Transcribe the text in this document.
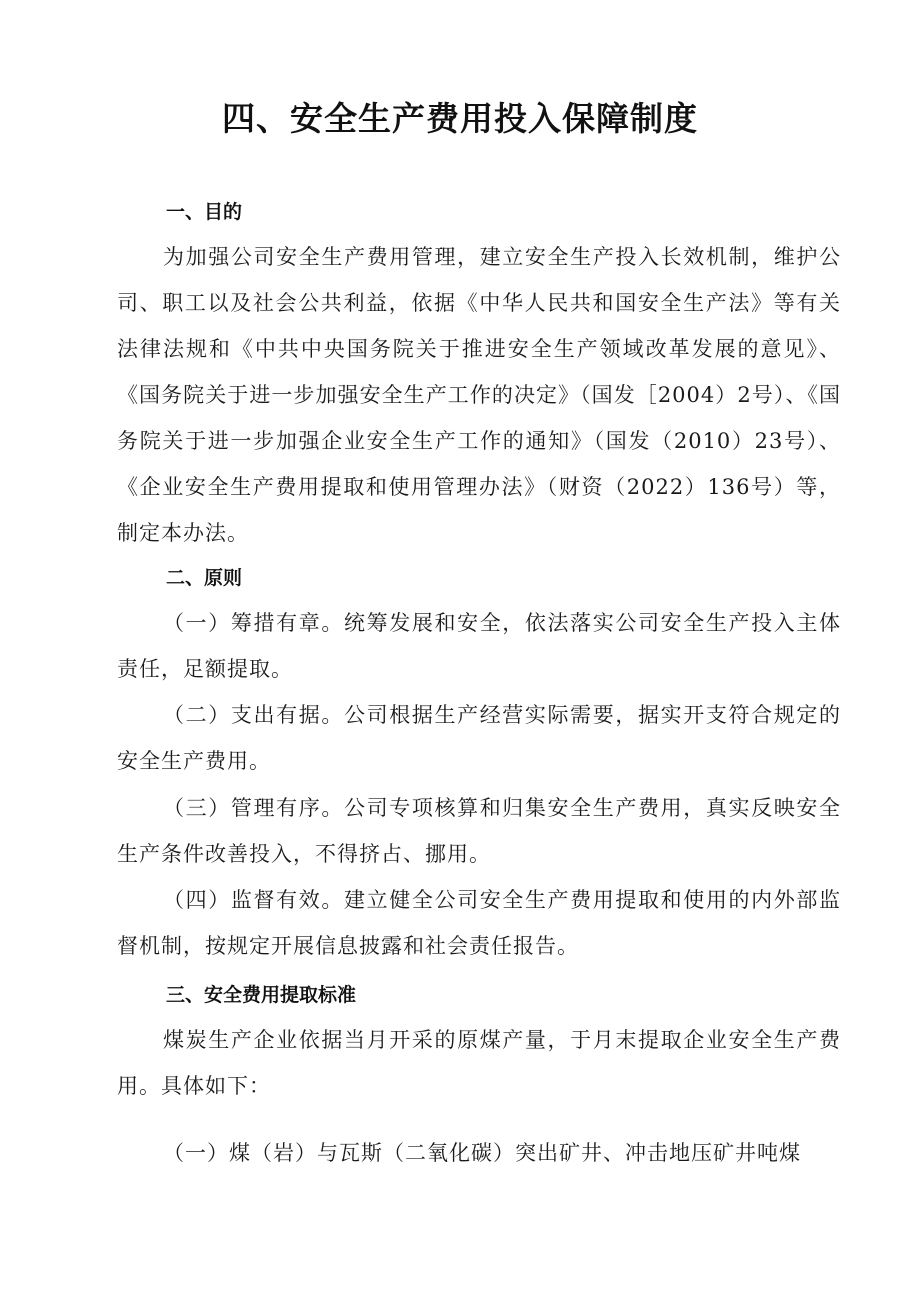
四、安全生产费用投入保障制度
一、目的

为加强公司安全生产费用管理，建立安全生产投入长效机制，维护公司、职工以及社会公共利益，依据《中华人民共和国安全生产法》等有关法律法规和《中共中央国务院关于推进安全生产领域改革发展的意见》、《国务院关于进一步加强安全生产工作的决定》（国发［2004）2号）、《国务院关于进一步加强企业安全生产工作的通知》（国发（2010）23号）、《企业安全生产费用提取和使用管理办法》（财资（2022）136号）等，制定本办法。

二、原则

（一）筹措有章。统筹发展和安全，依法落实公司安全生产投入主体责任，足额提取。

（二）支出有据。公司根据生产经营实际需要，据实开支符合规定的安全生产费用。

（三）管理有序。公司专项核算和归集安全生产费用，真实反映安全生产条件改善投入，不得挤占、挪用。

（四）监督有效。建立健全公司安全生产费用提取和使用的内外部监督机制，按规定开展信息披露和社会责任报告。

三、安全费用提取标准

煤炭生产企业依据当月开采的原煤产量，于月末提取企业安全生产费用。具体如下：

（一）煤（岩）与瓦斯（二氧化碳）突出矿井、冲击地压矿井吨煤
